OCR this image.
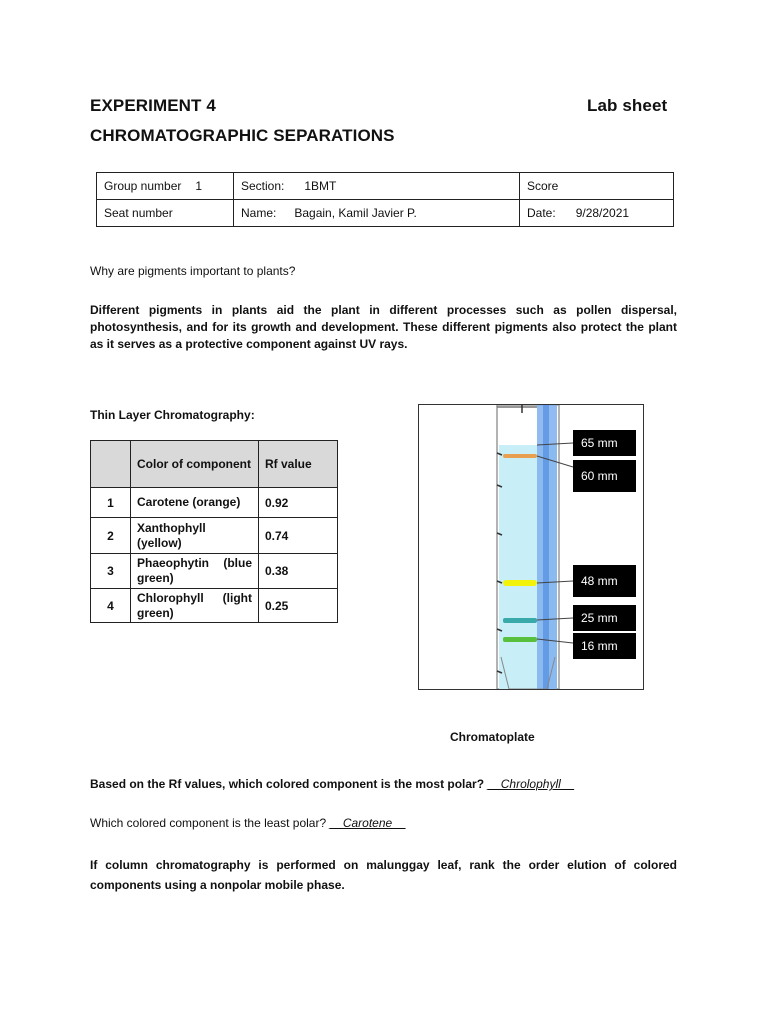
EXPERIMENT 4	Lab sheet
CHROMATOGRAPHIC SEPARATIONS
Group number 1	Section: 1BMT	Score
Seat number	Name: Bagain, Kamil Javier P.	Date: 9/28/2021
Why are pigments important to plants?
Different pigments in plants aid the plant in different processes such as pollen dispersal, photosynthesis, and for its growth and development. These different pigments also protect the plant as it serves as a protective component against UV rays.
Thin Layer Chromatography:
	Color of component	Rf value
1	Carotene (orange)	0.92
2	Xanthophyll (yellow)	0.74
3	Phaeophytin (blue green)	0.38
4	Chlorophyll (light green)	0.25
65 mm
60 mm
48 mm
25 mm
16 mm
Chromatoplate
Based on the Rf values, which colored component is the most polar? __Chrolophyll__
Which colored component is the least polar? __Carotene__
If column chromatography is performed on malunggay leaf, rank the order elution of colored components using a nonpolar mobile phase.
